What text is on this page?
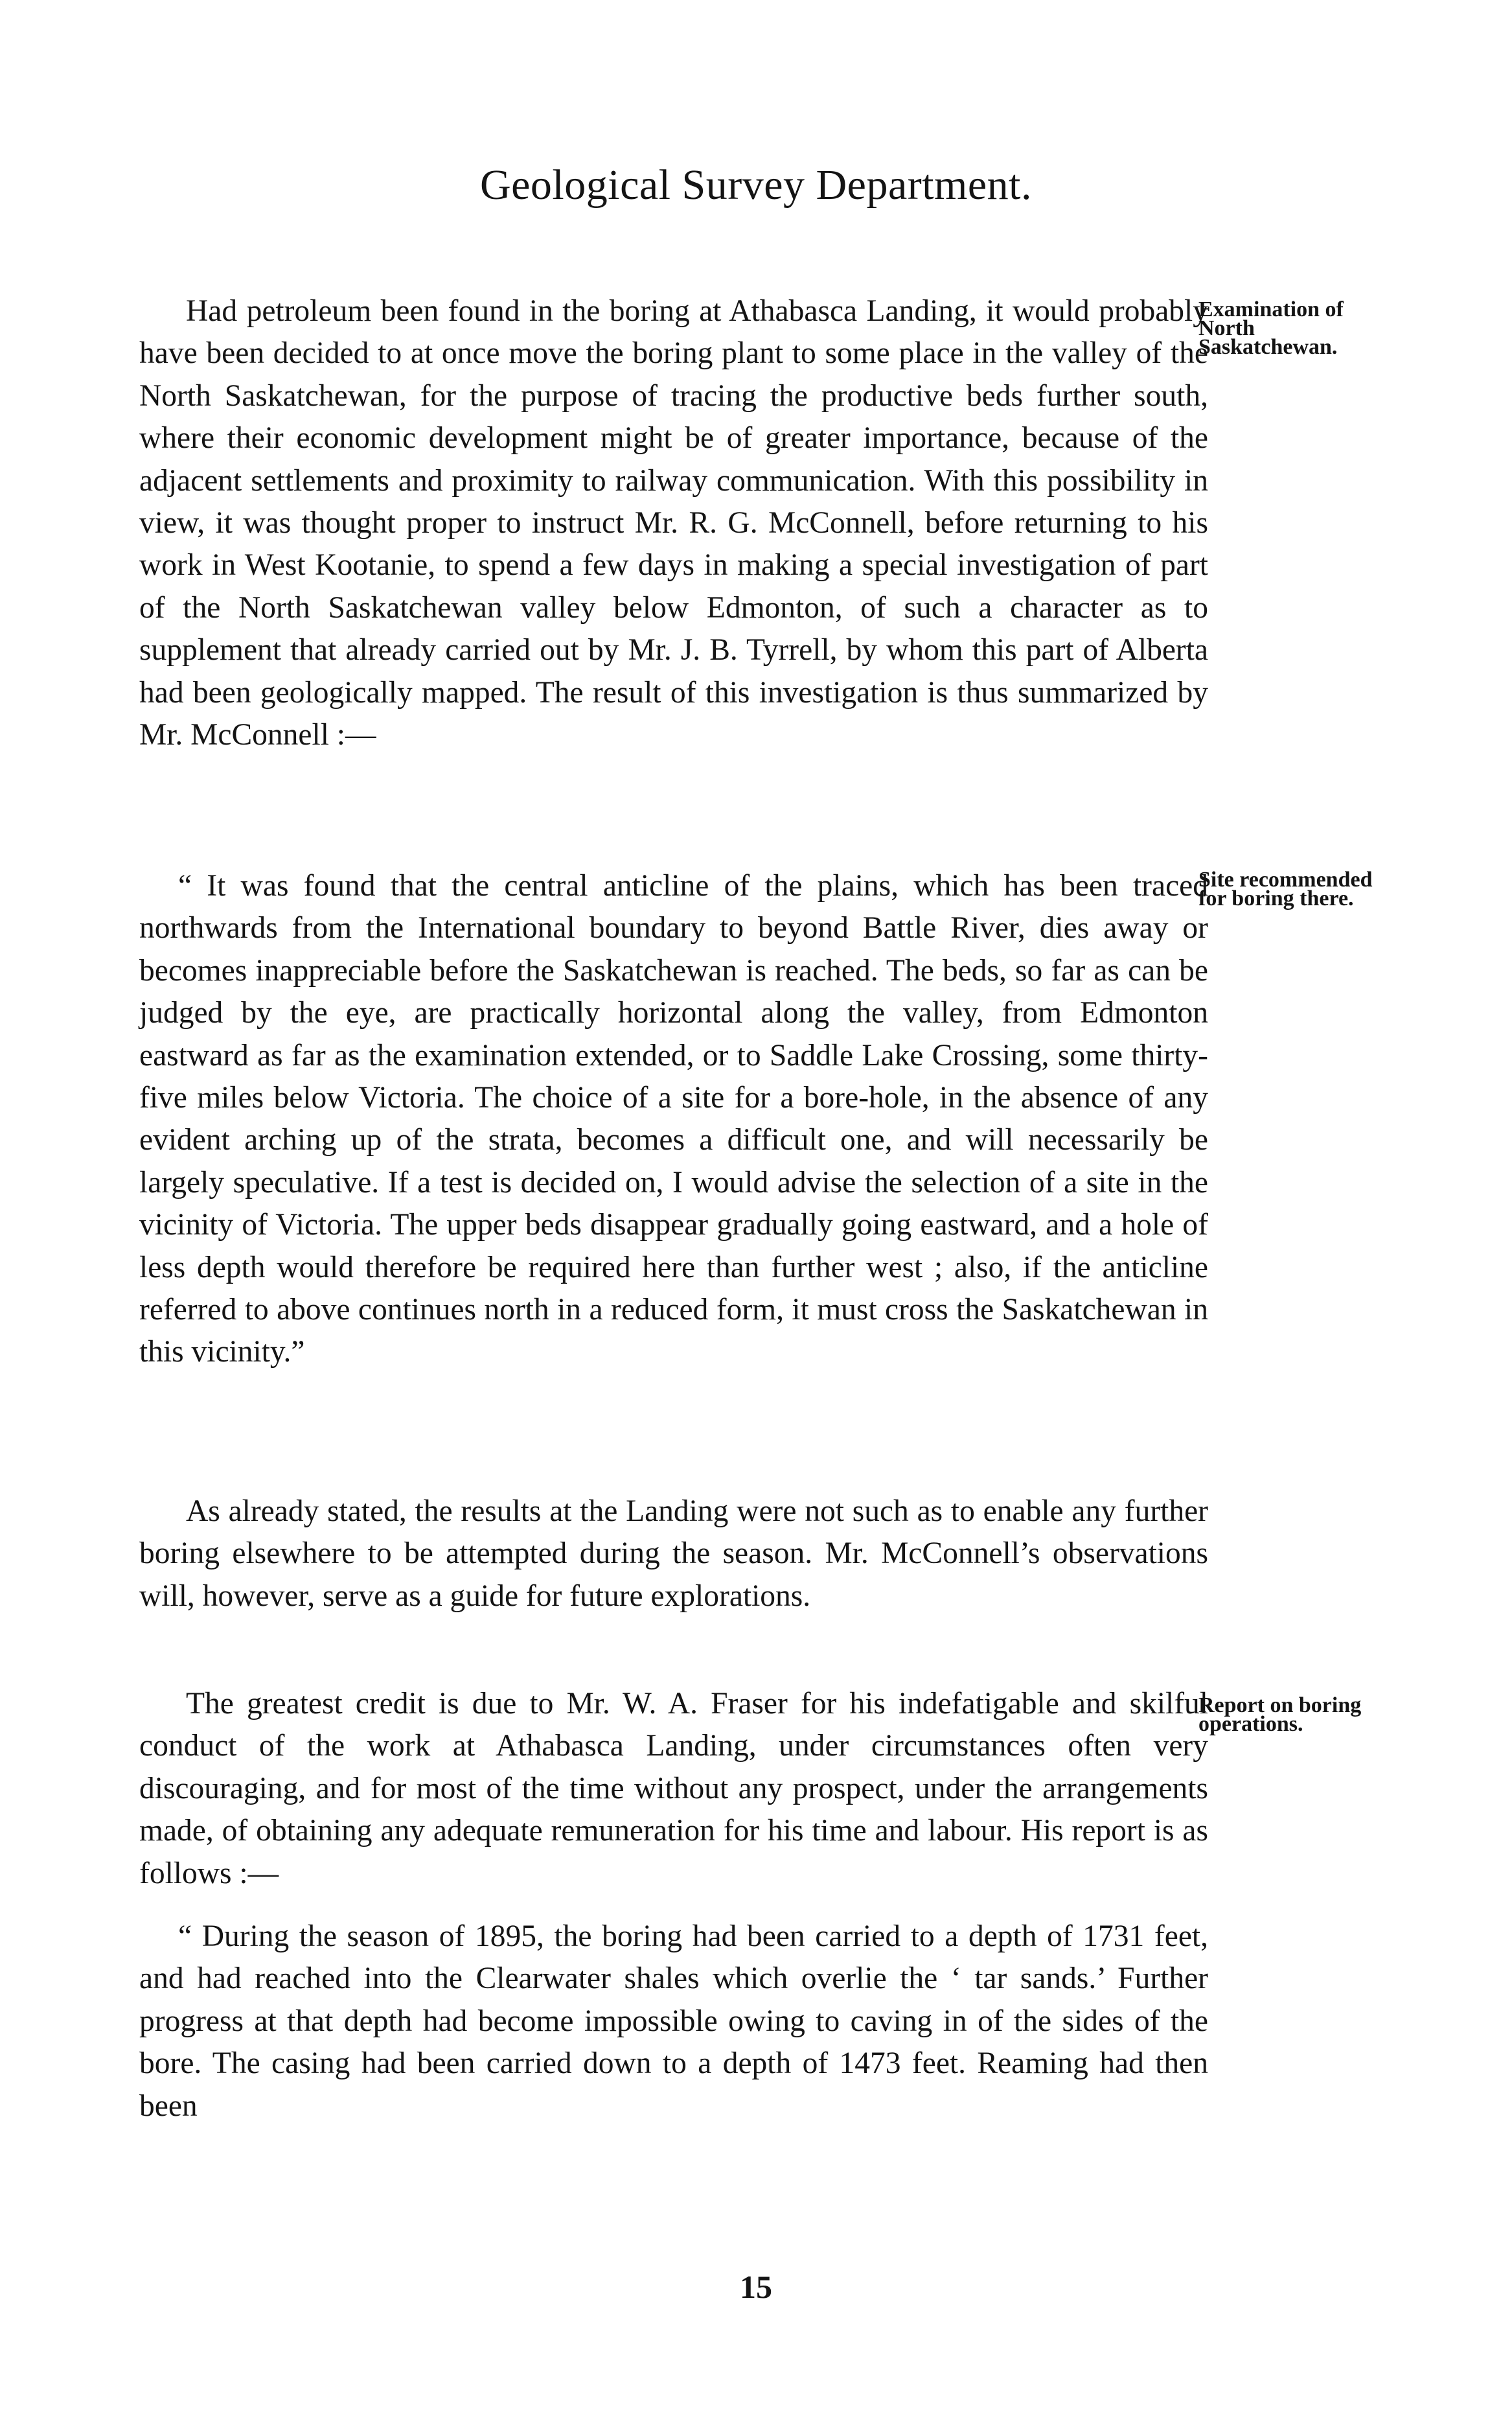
Geological Survey Department.

Had petroleum been found in the boring at Athabasca Landing, it would probably have been decided to at once move the boring plant to some place in the valley of the North Saskatchewan, for the purpose of tracing the productive beds further south, where their economic development might be of greater importance, because of the adjacent settlements and proximity to railway communication. With this possibility in view, it was thought proper to instruct Mr. R. G. McConnell, before returning to his work in West Kootanie, to spend a few days in making a special investigation of part of the North Saskatchewan valley below Edmonton, of such a character as to supplement that already carried out by Mr. J. B. Tyrrell, by whom this part of Alberta had been geologically mapped. The result of this investigation is thus summarized by Mr. McConnell :—

Examination of North Saskatchewan.

“ It was found that the central anticline of the plains, which has been traced northwards from the International boundary to beyond Battle River, dies away or becomes inappreciable before the Saskatchewan is reached. The beds, so far as can be judged by the eye, are practically horizontal along the valley, from Edmonton eastward as far as the examination extended, or to Saddle Lake Crossing, some thirty-five miles below Victoria. The choice of a site for a bore-hole, in the absence of any evident arching up of the strata, becomes a difficult one, and will necessarily be largely speculative. If a test is decided on, I would advise the selection of a site in the vicinity of Victoria. The upper beds disappear gradually going eastward, and a hole of less depth would therefore be required here than further west ; also, if the anticline referred to above continues north in a reduced form, it must cross the Saskatchewan in this vicinity.”

Site recommended for boring there.

As already stated, the results at the Landing were not such as to enable any further boring elsewhere to be attempted during the season. Mr. McConnell’s observations will, however, serve as a guide for future explorations.

The greatest credit is due to Mr. W. A. Fraser for his indefatigable and skilful conduct of the work at Athabasca Landing, under circumstances often very discouraging, and for most of the time without any prospect, under the arrangements made, of obtaining any adequate remuneration for his time and labour. His report is as follows :—

Report on boring operations.

“ During the season of 1895, the boring had been carried to a depth of 1731 feet, and had reached into the Clearwater shales which overlie the ‘ tar sands.’ Further progress at that depth had become impossible owing to caving in of the sides of the bore. The casing had been carried down to a depth of 1473 feet. Reaming had then been

15
